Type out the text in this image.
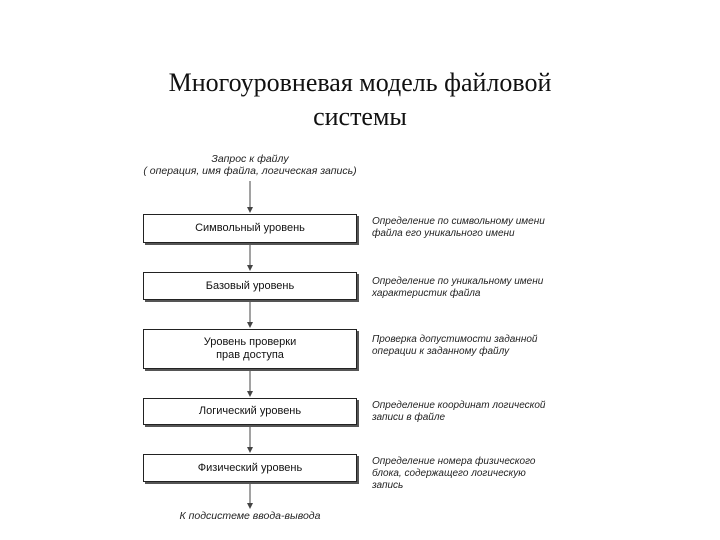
Многоуровневая модель файловой
системы
Запрос к файлу
( операция, имя файла, логическая запись)
Символьный уровень
Определение по символьному имени файла его уникального имени
Базовый уровень	Определение по уникальному имени характеристик файла
Уровень проверки
прав доступа
Проверка допустимости заданной операции к заданному файлу
Логический уровень	Определение координат логической записи в файле
Физический уровень	Определение номера физического блока, содержащего логическую запись
К подсистеме ввода-вывода
